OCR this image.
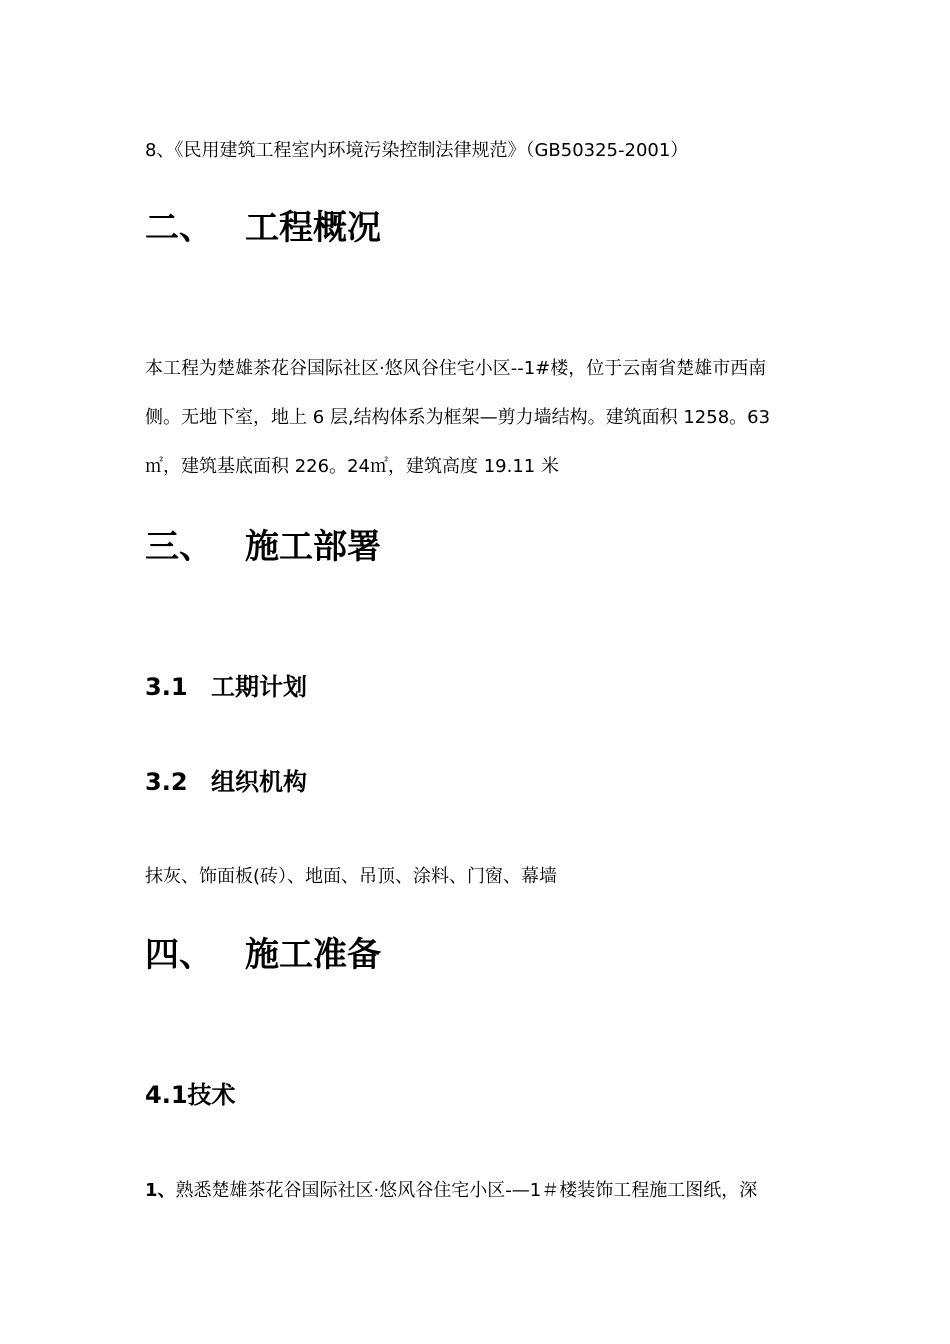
8、《民用建筑工程室内环境污染控制法律规范》（GB50325-2001）
二、 工程概况
本工程为楚雄茶花谷国际社区·悠风谷住宅小区--1#楼，位于云南省楚雄市西南
侧。无地下室，地上 6 层,结构体系为框架—剪力墙结构。建筑面积 1258。63
㎡，建筑基底面积 226。24㎡，建筑高度 19.11 米
三、 施工部署
3.1 工期计划
3.2 组织机构
抹灰、饰面板(砖）、地面、吊顶、涂料、门窗、幕墙
四、 施工准备
4.1技术
1、熟悉楚雄茶花谷国际社区·悠风谷住宅小区-—1＃楼装饰工程施工图纸，深
